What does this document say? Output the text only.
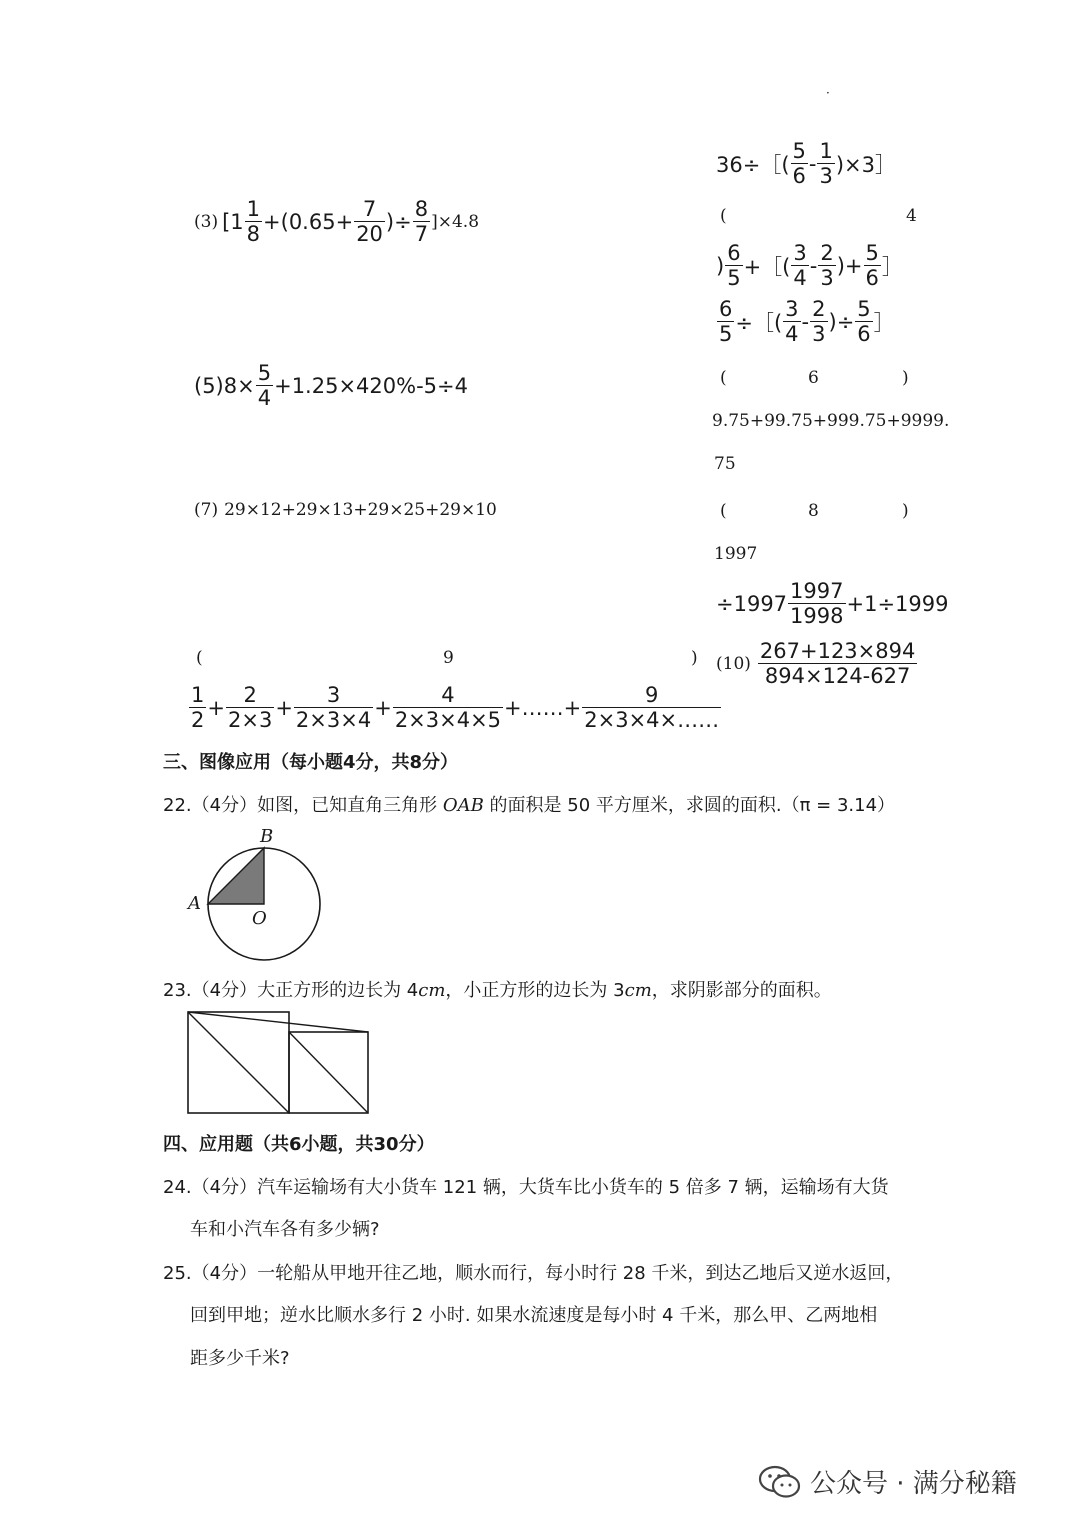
·
36÷［( $\frac{5}{6} - \frac{1}{3}$ )×3］
(	4
) $\frac{6}{5}$ +［( $\frac{3}{4} - \frac{2}{3}$ )+ $\frac{5}{6}$ ］
$\frac{6}{5}$ ÷［( $\frac{3}{4} - \frac{2}{3}$ )÷ $\frac{5}{6}$ ］
(	6	)
9.75+99.75+999.75+9999.
75
(	8	)
1997
$\div 1997 \frac{1997}{1998} +1\div 1999$
$(10) \frac{267+123\times 894}{894\times 124-627}$
(3) [$1 \frac{1}{8} +(0.65+ \frac{7}{20}$ )÷ $\frac{8}{7} ]\times 4.8$
(5) $8\times \frac{5}{4} +1.25\times 420\%-5\div 4$
(7) 29×12+29×13+29×25+29×10
(	9	)
$\frac{1}{2} + \frac{2}{2\times 3} + \frac{3}{2\times 3\times 4} + \frac{4}{2\times 3\times 4\times 5}$ +……+ $\frac{9}{2\times 3\times 4\times\dots\dots}$
三、图像应用（每小题4分，共8分）
22.（4分）如图，已知直角三角形 OAB 的面积是 50 平方厘米，求圆的面积.（π = 3.14）
B
A
O
23.（4分）大正方形的边长为 4cm，小正方形的边长为 3cm，求阴影部分的面积。
四、应用题（共6小题，共30分）
24.（4分）汽车运输场有大小货车 121 辆，大货车比小货车的 5 倍多 7 辆，运输场有大货
车和小汽车各有多少辆?
25.（4分）一轮船从甲地开往乙地，顺水而行，每小时行 28 千米，到达乙地后又逆水返回，
回到甲地；逆水比顺水多行 2 小时. 如果水流速度是每小时 4 千米，那么甲、乙两地相
距多少千米?
公众号 · 满分秘籍
